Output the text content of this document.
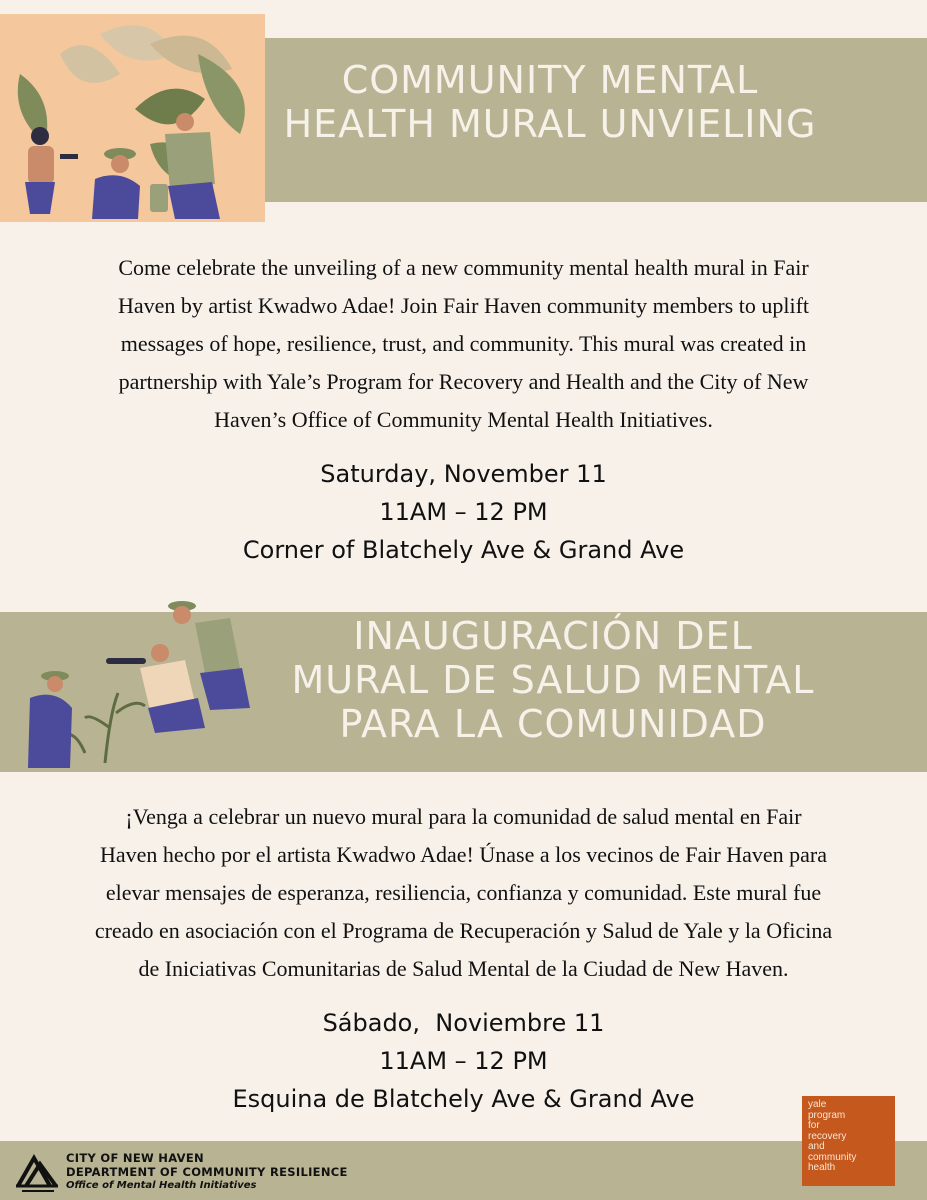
COMMUNITY MENTAL
HEALTH MURAL UNVIELING

Come celebrate the unveiling of a new community mental health mural in Fair
Haven by artist Kwadwo Adae! Join Fair Haven community members to uplift
messages of hope, resilience, trust, and community. This mural was created in
partnership with Yale’s Program for Recovery and Health and the City of New
Haven’s Office of Community Mental Health Initiatives.

Saturday, November 11
11AM – 12 PM
Corner of Blatchely Ave & Grand Ave
INAUGURACIÓN DEL
MURAL DE SALUD MENTAL
PARA LA COMUNIDAD

¡Venga a celebrar un nuevo mural para la comunidad de salud mental en Fair
Haven hecho por el artista Kwadwo Adae! Únase a los vecinos de Fair Haven para
elevar mensajes de esperanza, resiliencia, confianza y comunidad. Este mural fue
creado en asociación con el Programa de Recuperación y Salud de Yale y la Oficina
de Iniciativas Comunitarias de Salud Mental de la Ciudad de New Haven.

Sábado,  Noviembre 11
11AM – 12 PM
Esquina de Blatchely Ave & Grand Ave
CITY OF NEW HAVEN
DEPARTMENT OF COMMUNITY RESILIENCE
Office of Mental Health Initiatives
yale
program
for
recovery
and
community
health
